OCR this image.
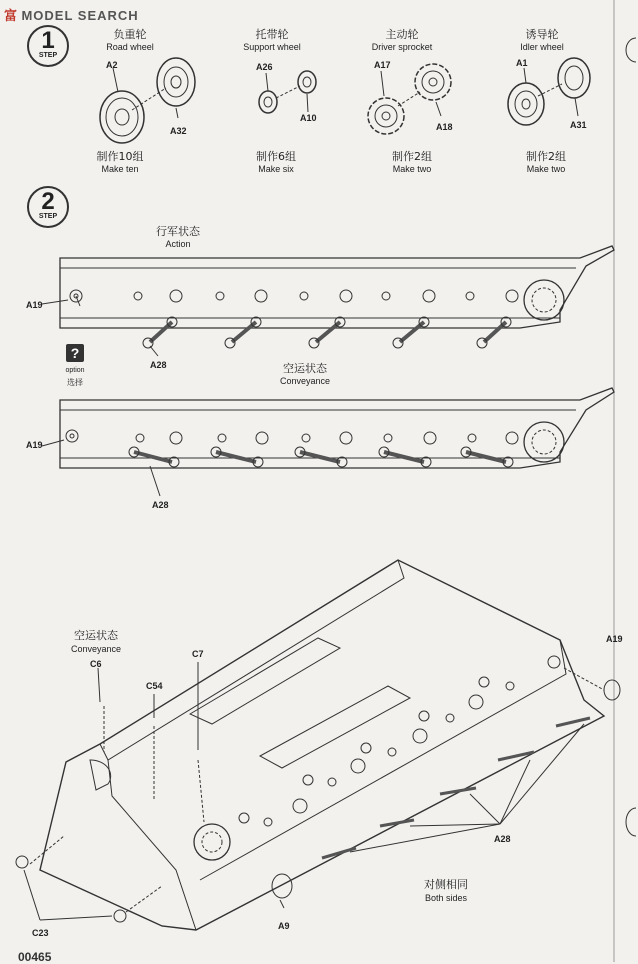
富 MODEL SEARCH
1
STEP
负重轮
Road wheel
A2
A32
制作10组
Make ten
托带轮
Support wheel
A26
A10
制作6组
Make six
主动轮
Driver sprocket
A17
A18
制作2组
Make two
诱导轮
Idler wheel
A1
A31
制作2组
Make two
2
STEP
行军状态
Action
A19
A28
?
option
选择
空运状态
Conveyance
A19
A28
空运状态
Conveyance
C6
C54
C7
A19
A28
A9
C23
对侧相同
Both sides
00465
